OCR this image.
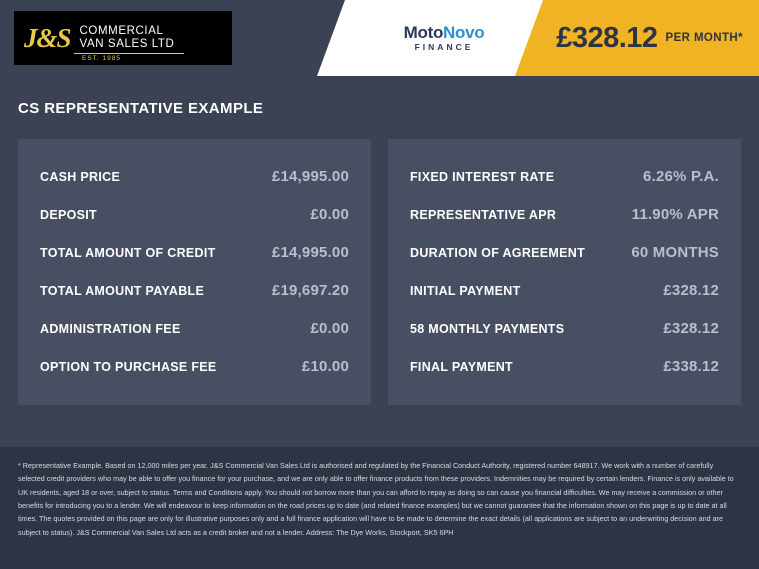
J&S COMMERCIAL
VAN SALES LTD
EST. 1985
MotoNovo
FINANCE	£328.12 PER MONTH*
CS REPRESENTATIVE EXAMPLE
CASH PRICE	£14,995.00
DEPOSIT	£0.00
TOTAL AMOUNT OF CREDIT	£14,995.00
TOTAL AMOUNT PAYABLE	£19,697.20
ADMINISTRATION FEE	£0.00
OPTION TO PURCHASE FEE	£10.00
FIXED INTEREST RATE	6.26% P.A.
REPRESENTATIVE APR	11.90% APR
DURATION OF AGREEMENT	60 MONTHS
INITIAL PAYMENT	£328.12
58 MONTHLY PAYMENTS	£328.12
FINAL PAYMENT	£338.12
* Representative Example. Based on 12,000 miles per year. J&S Commercial Van Sales Ltd is authorised and regulated by the Financial Conduct Authority, registered number 648917. We work with a number of carefully selected credit providers who may be able to offer you finance for your purchase, and we are only able to offer finance products from these providers. Indemnities may be required by certain lenders. Finance is only available to UK residents, aged 18 or over, subject to status. Terms and Conditions apply. You should not borrow more than you can afford to repay as doing so can cause you financial difficulties. We may receive a commission or other benefits for introducing you to a lender. We will endeavour to keep information on the road prices up to date (and related finance examples) but we cannot guarantee that the information shown on this page is up to date at all times. The quotes provided on this page are only for illustrative purposes only and a full finance application will have to be made to determine the exact details (all applications are subject to an underwriting decision and are subject to status). J&S Commercial Van Sales Ltd acts as a credit broker and not a lender. Address: The Dye Works, Stockport, SK5 6PH
